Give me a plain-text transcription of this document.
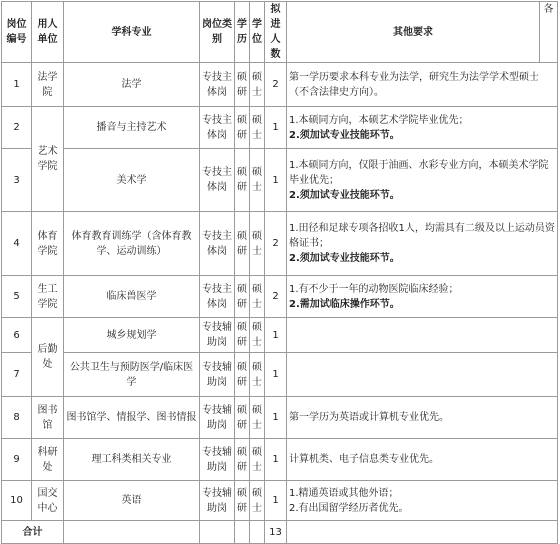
岗位编号	用人单位	学科专业	岗位类别	学历	学位	拟进人数	其他要求	各
1	法学院	法学	专技主体岗	硕研	硕士	2	第一学历要求本科专业为法学，研究生为法学学术型硕士（不含法律史方向）。	

2	艺术学院	播音与主持艺术	专技主体岗	硕研	硕士	1	1.本硕同方向，本硕艺术学院毕业优先；
2.须加试专业技能环节。	

3		美术学	专技主体岗	硕研	硕士	1	1.本硕同方向，仅限于油画、水彩专业方向，本硕美术学院毕业优先；
2.须加试专业技能环节。	

4	体育学院	体育教育训练学（含体育教学、运动训练）	专技主体岗	硕研	硕士	2	1.田径和足球专项各招收1人，均需具有二级及以上运动员资格证书；
2.须加试专业技能环节。	

5	生工学院	临床兽医学	专技主体岗	硕研	硕士	2	1.有不少于一年的动物医院临床经验；
2.需加试临床操作环节。	

6	后勤处	城乡规划学	专技辅助岗	硕研	硕士	1		
7		公共卫生与预防医学/临床医学	专技辅助岗	硕研	硕士	1		
8	图书馆	图书馆学、情报学、图书情报	专技辅助岗	硕研	硕士	1	第一学历为英语或计算机专业优先。	

9	科研处	理工科类相关专业	专技辅助岗	硕研	硕士	1	计算机类、电子信息类专业优先。	

10	国交中心	英语	专技辅助岗	硕研	硕士	1	1.精通英语或其他外语；
2.有出国留学经历者优先。	

合计						13		
